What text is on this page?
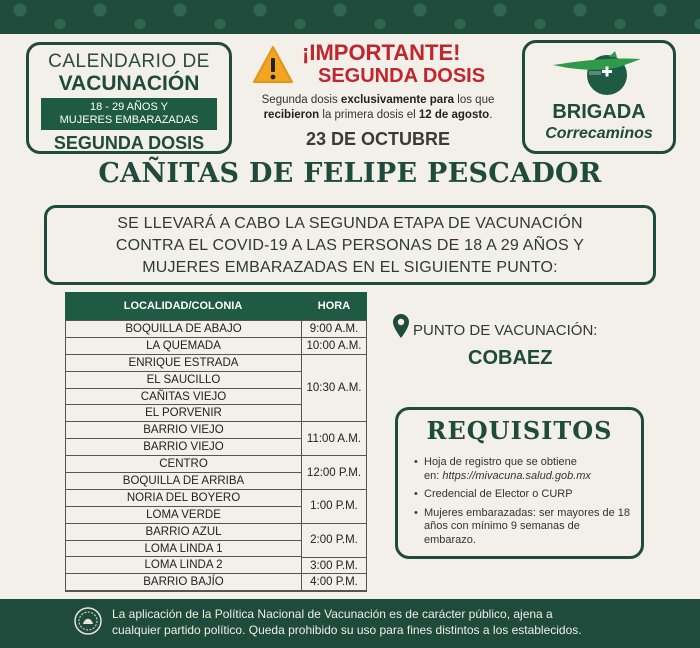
CALENDARIO DE
VACUNACIÓN
18 - 29 AÑOS Y
MUJERES EMBARAZADAS
SEGUNDA DOSIS
¡IMPORTANTE!
SEGUNDA DOSIS
Segunda dosis exclusivamente para los que
recibieron la primera dosis el 12 de agosto.
23 DE OCTUBRE
BRIGADA
Correcaminos
CAÑITAS DE FELIPE PESCADOR
SE LLEVARÁ A CABO LA SEGUNDA ETAPA DE VACUNACIÓN
CONTRA EL COVID-19 A LAS PERSONAS DE 18 A 29 AÑOS Y
MUJERES EMBARAZADAS EN EL SIGUIENTE PUNTO:
LOCALIDAD/COLONIA	HORA
BOQUILLA DE ABAJO
LA QUEMADA
ENRIQUE ESTRADA
EL SAUCILLO
CAÑITAS VIEJO
EL PORVENIR
BARRIO VIEJO
BARRIO VIEJO
CENTRO
BOQUILLA DE ARRIBA
NORIA DEL BOYERO
LOMA VERDE
BARRIO AZUL
LOMA LINDA 1
LOMA LINDA 2
BARRIO BAJÍO
9:00 A.M.
10:00 A.M.
10:30 A.M.
11:00 A.M.
12:00 P.M.
1:00 P.M.
2:00 P.M.
3:00 P.M.
4:00 P.M.
PUNTO DE VACUNACIÓN:
COBAEZ
REQUISITOS
• Hoja de registro que se obtiene
en: https://mivacuna.salud.gob.mx
• Credencial de Elector o CURP
• Mujeres embarazadas: ser mayores de 18 años con mínimo 9 semanas de embarazo.
La aplicación de la Política Nacional de Vacunación es de carácter público, ajena a
cualquier partido político. Queda prohibido su uso para fines distintos a los establecidos.
